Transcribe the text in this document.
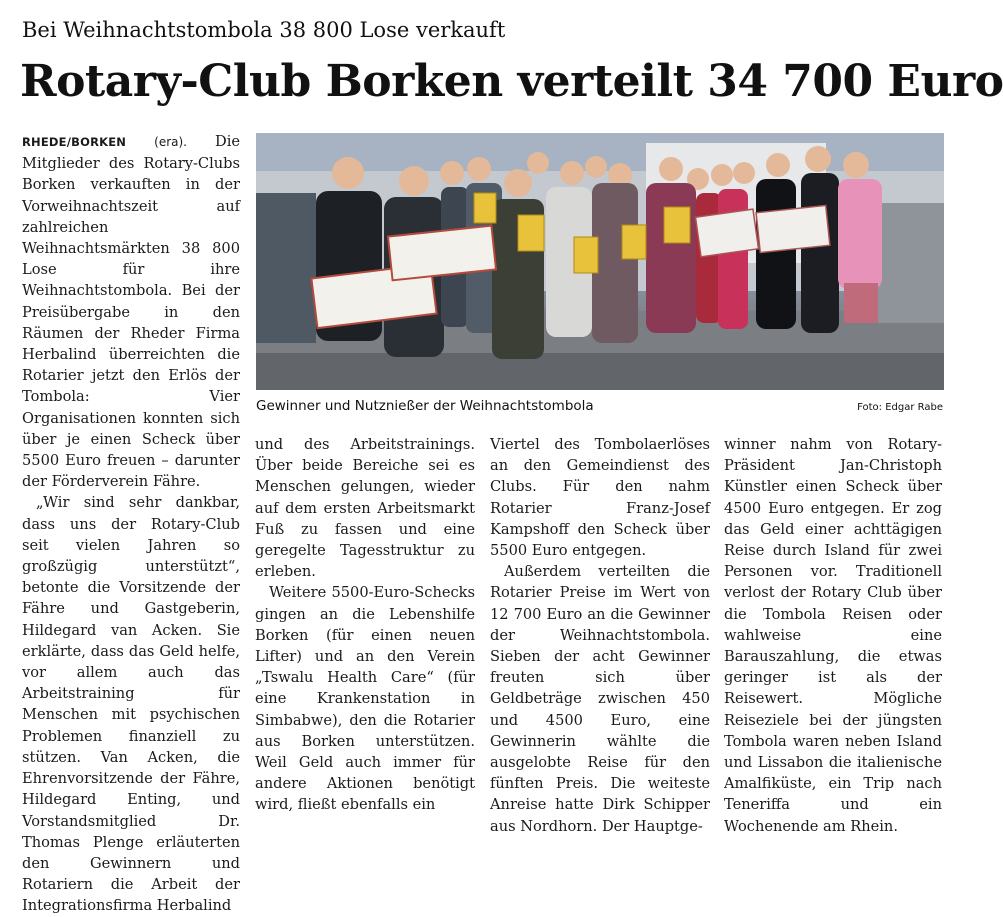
Bei Weihnachtstombola 38 800 Lose verkauft
Rotary-Club Borken verteilt 34 700 Euro

RHEDE/BORKEN (era). Die Mitglieder des Rotary-Clubs Borken verkauften in der Vorweihnachtszeit auf zahlreichen Weihnachtsmärkten 38 800 Lose für ihre Weihnachtstombola. Bei der Preisübergabe in den Räumen der Rheder Firma Herbalind überreichten die Rotarier jetzt den Erlös der Tombola: Vier Organisationen konnten sich über je einen Scheck über 5500 Euro freuen – darunter der Förderverein Fähre.

„Wir sind sehr dankbar, dass uns der Rotary-Club seit vielen Jahren so großzügig unterstützt“, betonte die Vorsitzende der Fähre und Gastgeberin, Hildegard van Acken. Sie erklärte, dass das Geld helfe, vor allem auch das Arbeitstraining für Menschen mit psychischen Problemen finanziell zu stützen. Van Acken, die Ehrenvorsitzende der Fähre, Hildegard Enting, und Vorstandsmitglied Dr. Thomas Plenge erläuterten den Gewinnern und Rotariern die Arbeit der Integrationsfirma Herbalind

Gewinner und Nutznießer der Weihnachtstombola	Foto: Edgar Rabe

und des Arbeitstrainings. Über beide Bereiche sei es Menschen gelungen, wieder auf dem ersten Arbeitsmarkt Fuß zu fassen und eine geregelte Tagesstruktur zu erleben.

Weitere 5500-Euro-Schecks gingen an die Lebenshilfe Borken (für einen neuen Lifter) und an den Verein „Tswalu Health Care“ (für eine Krankenstation in Simbabwe), den die Rotarier aus Borken unterstützen. Weil Geld auch immer für andere Aktionen benötigt wird, fließt ebenfalls ein

Viertel des Tombolaerlöses an den Gemeindienst des Clubs. Für den nahm Rotarier Franz-Josef Kampshoff den Scheck über 5500 Euro entgegen.

Außerdem verteilten die Rotarier Preise im Wert von 12 700 Euro an die Gewinner der Weihnachtstombola. Sieben der acht Gewinner freuten sich über Geldbeträge zwischen 450 und 4500 Euro, eine Gewinnerin wählte die ausgelobte Reise für den fünften Preis. Die weiteste Anreise hatte Dirk Schipper aus Nordhorn. Der Hauptge-

winner nahm von Rotary-Präsident Jan-Christoph Künstler einen Scheck über 4500 Euro entgegen. Er zog das Geld einer achttägigen Reise durch Island für zwei Personen vor. Traditionell verlost der Rotary Club über die Tombola Reisen oder wahlweise eine Barauszahlung, die etwas geringer ist als der Reisewert. Mögliche Reiseziele bei der jüngsten Tombola waren neben Island und Lissabon die italienische Amalfiküste, ein Trip nach Teneriffa und ein Wochenende am Rhein.
